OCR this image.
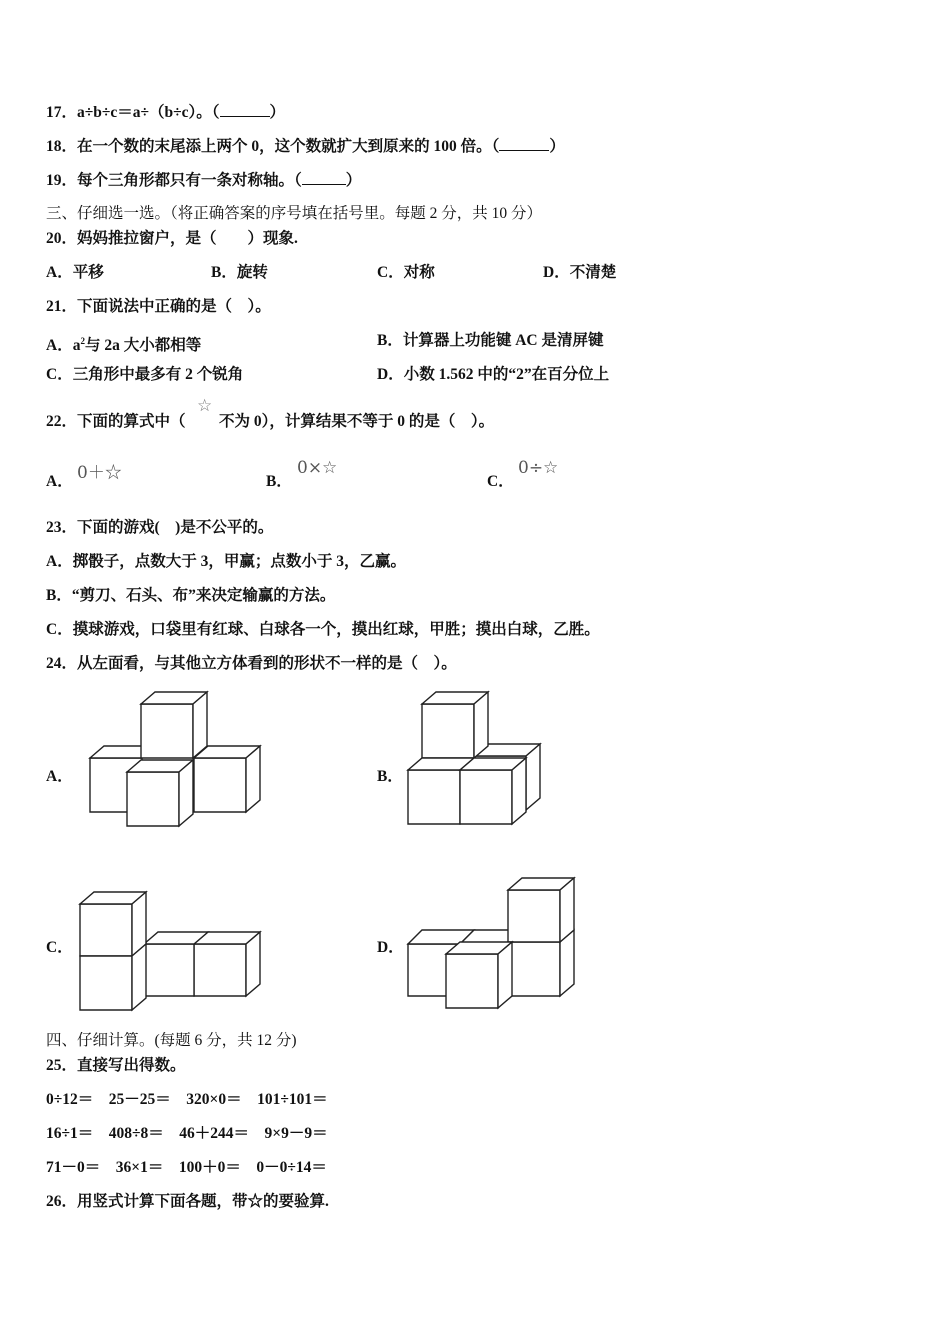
17．a÷b÷c＝a÷（b÷c）。（	）
18．在一个数的末尾添上两个 0，这个数就扩大到原来的 100 倍。（	）
19．每个三角形都只有一条对称轴。（	）
三、仔细选一选。（将正确答案的序号填在括号里。每题 2 分，共 10 分）
20．妈妈推拉窗户，是（　　）现象.
A．平移	B．旋转	C．对称	D．不清楚
21．下面说法中正确的是（　）。
A．$a^2$与 2a 大小都相等	B．计算器上功能键 AC 是清屏键
C．三角形中最多有 2 个锐角	D．小数 1.562 中的“2”在百分位上
22．下面的算式中（
☆
不为 0），计算结果不等于 0 的是（　）。
A． 0＋☆	B．
0×☆
C．
0÷☆
23．下面的游戏(　)是不公平的。
A．掷骰子，点数大于 3，甲赢；点数小于 3，乙赢。
B．“剪刀、石头、布”来决定输赢的方法。
C．摸球游戏，口袋里有红球、白球各一个，摸出红球，甲胜；摸出白球，乙胜。
24．从左面看，与其他立方体看到的形状不一样的是（　）。
A．	B．
C．	D．
四、仔细计算。(每题 6 分，共 12 分)
25．直接写出得数。
0÷12＝　25－25＝　320×0＝　101÷101＝
16÷1＝　408÷8＝　46＋244＝　9×9－9＝
71－0＝　36×1＝　100＋0＝　0－0÷14＝
26．用竖式计算下面各题，带☆的要验算.
